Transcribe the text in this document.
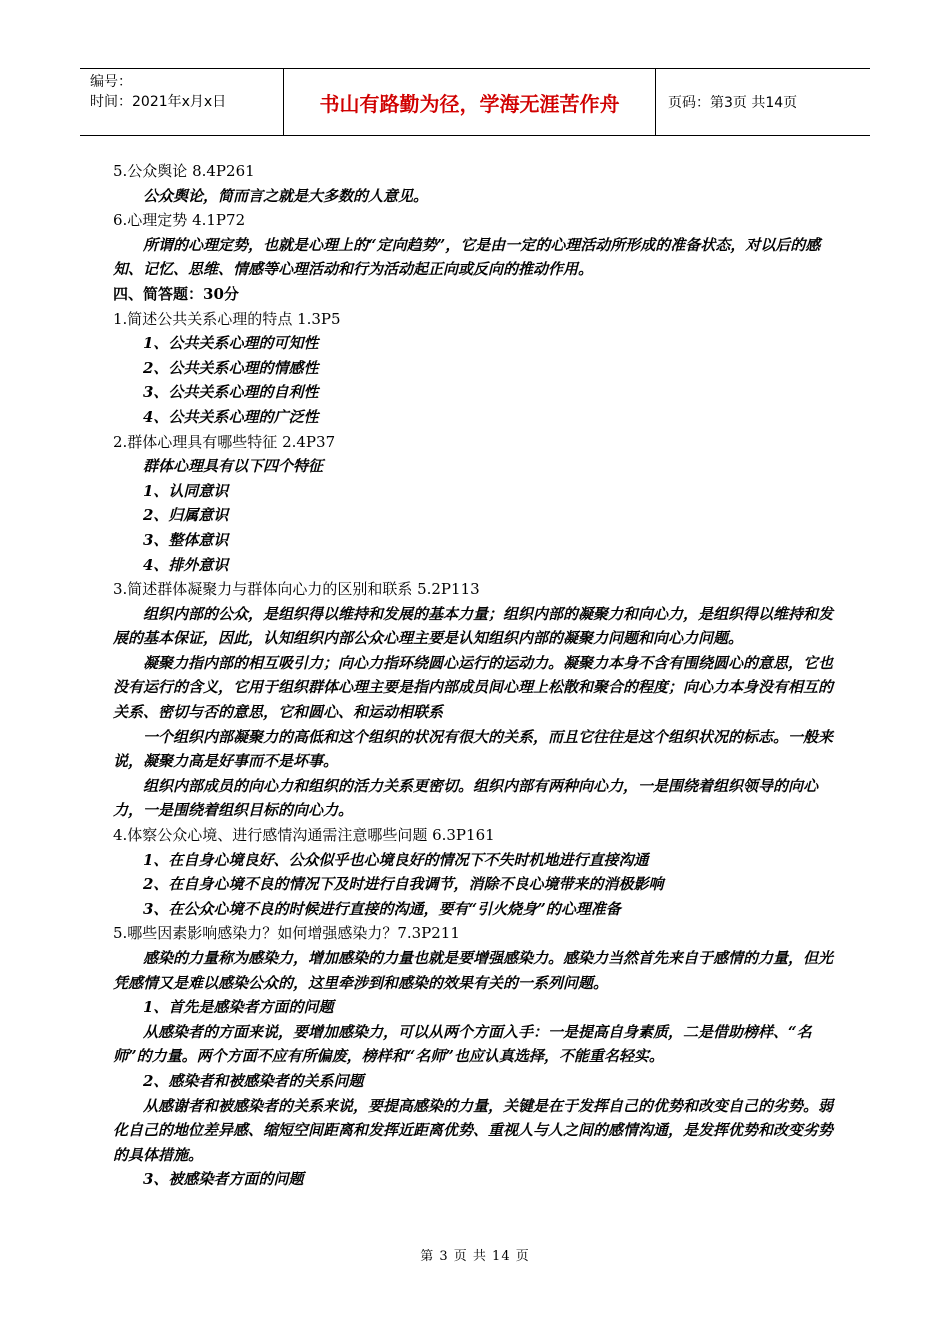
编号：
时间：2021年x月x日	书山有路勤为径，学海无涯苦作舟	页码：第3页 共14页

5.公众舆论 8.4P261

公众舆论，简而言之就是大多数的人意见。

6.心理定势 4.1P72

所谓的心理定势，也就是心理上的“定向趋势”，它是由一定的心理活动所形成的准备状态，对以后的感知、记忆、思维、情感等心理活动和行为活动起正向或反向的推动作用。

四、简答题：30分

1.简述公共关系心理的特点 1.3P5

1、公共关系心理的可知性

2、公共关系心理的情感性

3、公共关系心理的自利性

4、公共关系心理的广泛性

2.群体心理具有哪些特征 2.4P37

群体心理具有以下四个特征

1、认同意识

2、归属意识

3、整体意识

4、排外意识

3.简述群体凝聚力与群体向心力的区别和联系 5.2P113

组织内部的公众，是组织得以维持和发展的基本力量；组织内部的凝聚力和向心力，是组织得以维持和发展的基本保证，因此，认知组织内部公众心理主要是认知组织内部的凝聚力问题和向心力问题。

凝聚力指内部的相互吸引力；向心力指环绕圆心运行的运动力。凝聚力本身不含有围绕圆心的意思，它也没有运行的含义，它用于组织群体心理主要是指内部成员间心理上松散和聚合的程度；向心力本身没有相互的关系、密切与否的意思，它和圆心、和运动相联系

一个组织内部凝聚力的高低和这个组织的状况有很大的关系，而且它往往是这个组织状况的标志。一般来说，凝聚力高是好事而不是坏事。

组织内部成员的向心力和组织的活力关系更密切。组织内部有两种向心力，一是围绕着组织领导的向心力，一是围绕着组织目标的向心力。

4.体察公众心境、进行感情沟通需注意哪些问题 6.3P161

1、在自身心境良好、公众似乎也心境良好的情况下不失时机地进行直接沟通

2、在自身心境不良的情况下及时进行自我调节，消除不良心境带来的消极影响

3、在公众心境不良的时候进行直接的沟通，要有“引火烧身”的心理准备

5.哪些因素影响感染力？如何增强感染力？7.3P211

感染的力量称为感染力，增加感染的力量也就是要增强感染力。感染力当然首先来自于感情的力量，但光凭感情又是难以感染公众的，这里牵涉到和感染的效果有关的一系列问题。

1、首先是感染者方面的问题

从感染者的方面来说，要增加感染力，可以从两个方面入手：一是提高自身素质，二是借助榜样、“名师”的力量。两个方面不应有所偏废，榜样和“名师”也应认真选择，不能重名轻实。

2、感染者和被感染者的关系问题

从感谢者和被感染者的关系来说，要提高感染的力量，关键是在于发挥自己的优势和改变自己的劣势。弱化自己的地位差异感、缩短空间距离和发挥近距离优势、重视人与人之间的感情沟通，是发挥优势和改变劣势的具体措施。

3、被感染者方面的问题

第 3 页 共 14 页
